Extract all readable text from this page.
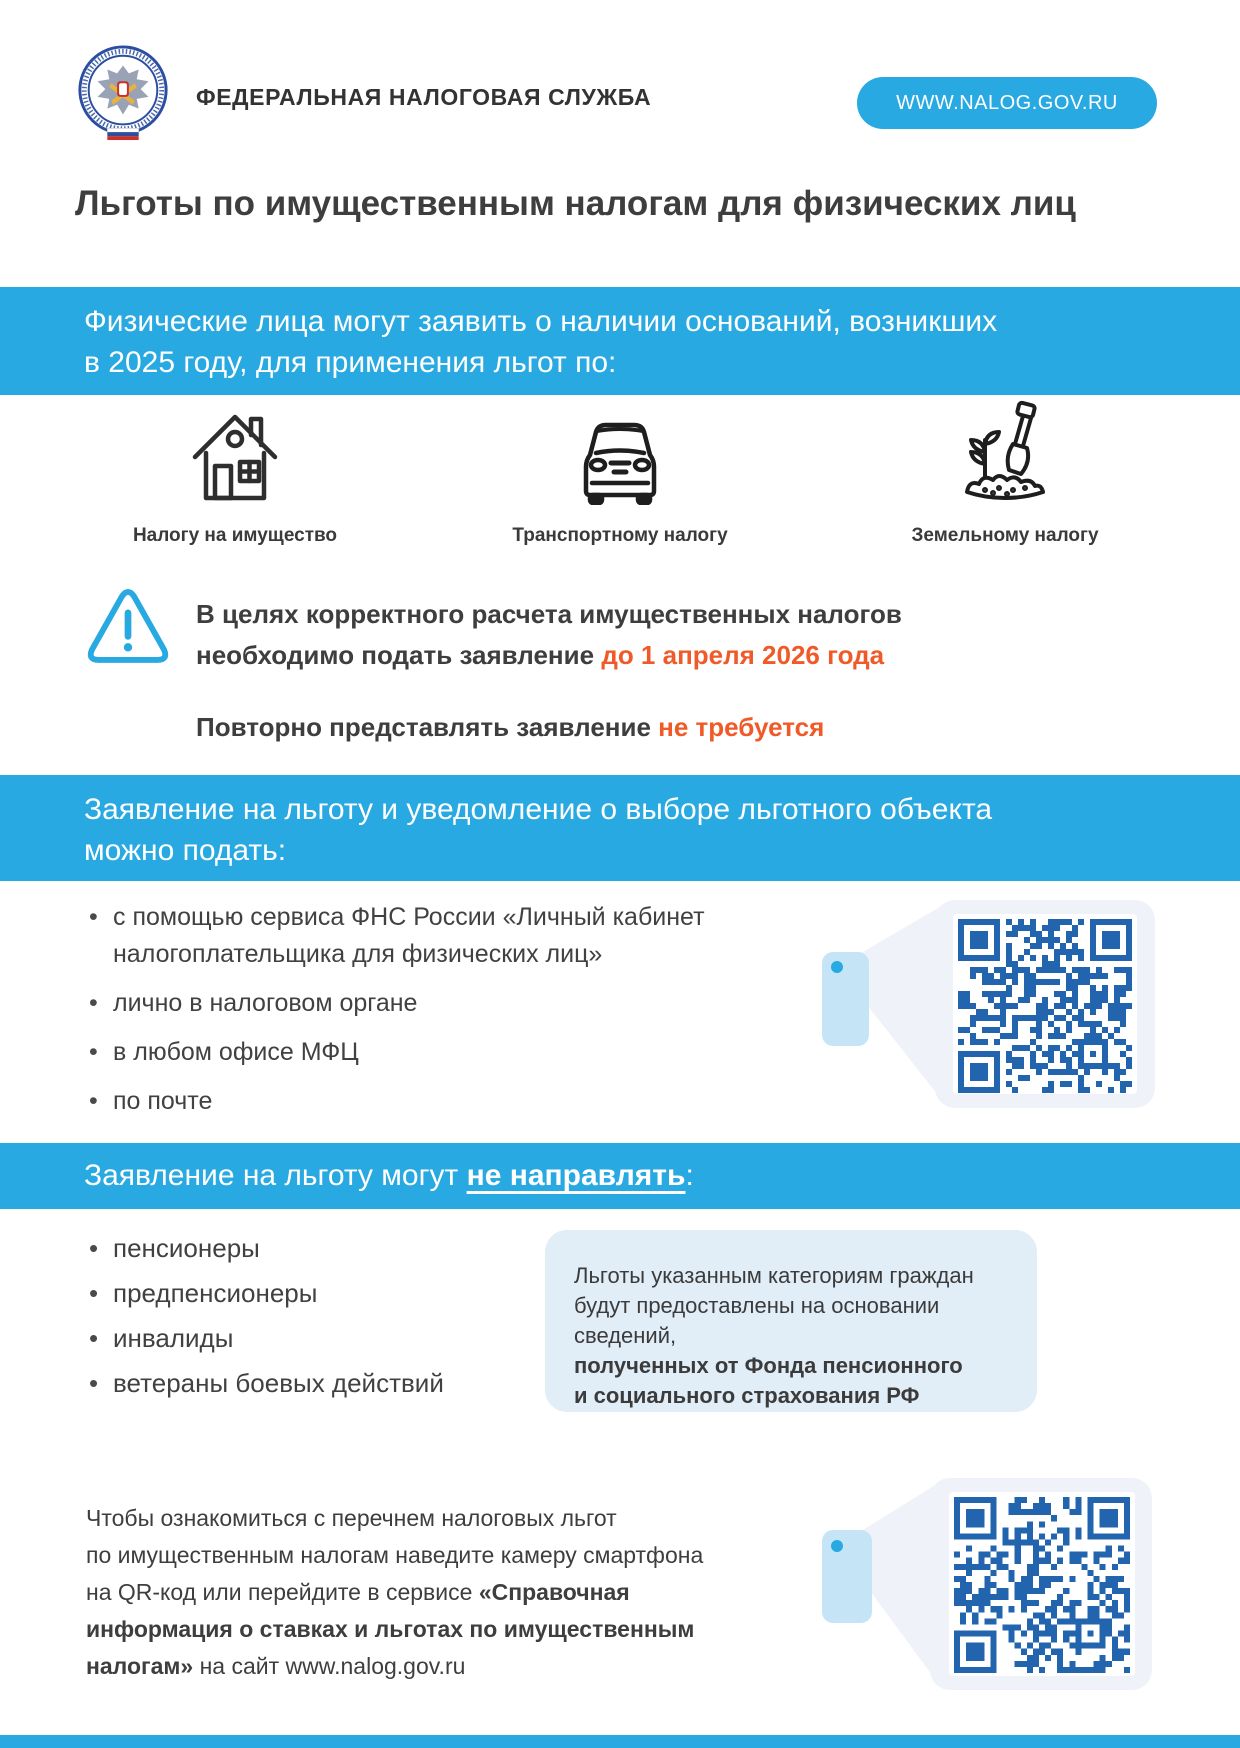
ФЕДЕРАЛЬНАЯ НАЛОГОВАЯ СЛУЖБА	WWW.NALOG.GOV.RU
Льготы по имущественным налогам для физических лиц
Физические лица могут заявить о наличии оснований, возникших
в 2025 году, для применения льгот по:
Налогу на имущество	Транспортному налогу	Земельному налогу
В целях корректного расчета имущественных налогов
необходимо подать заявление до 1 апреля 2026 года
Повторно представлять заявление не требуется
Заявление на льготу и уведомление о выборе льготного объекта
можно подать:
• с помощью сервиса ФНС России «Личный кабинет налогоплательщика для физических лиц»
• лично в налоговом органе
• в любом офисе МФЦ
• по почте
Заявление на льготу могут не направлять:
• пенсионеры
• предпенсионеры
• инвалиды
• ветераны боевых действий
Льготы указанным категориям граждан
будут предоставлены на основании сведений,
полученных от Фонда пенсионного
и социального страхования РФ
Чтобы ознакомиться с перечнем налоговых льгот
по имущественным налогам наведите камеру смартфона
на QR-код или перейдите в сервисе «Справочная
информация о ставках и льготах по имущественным
налогам» на сайт www.nalog.gov.ru
